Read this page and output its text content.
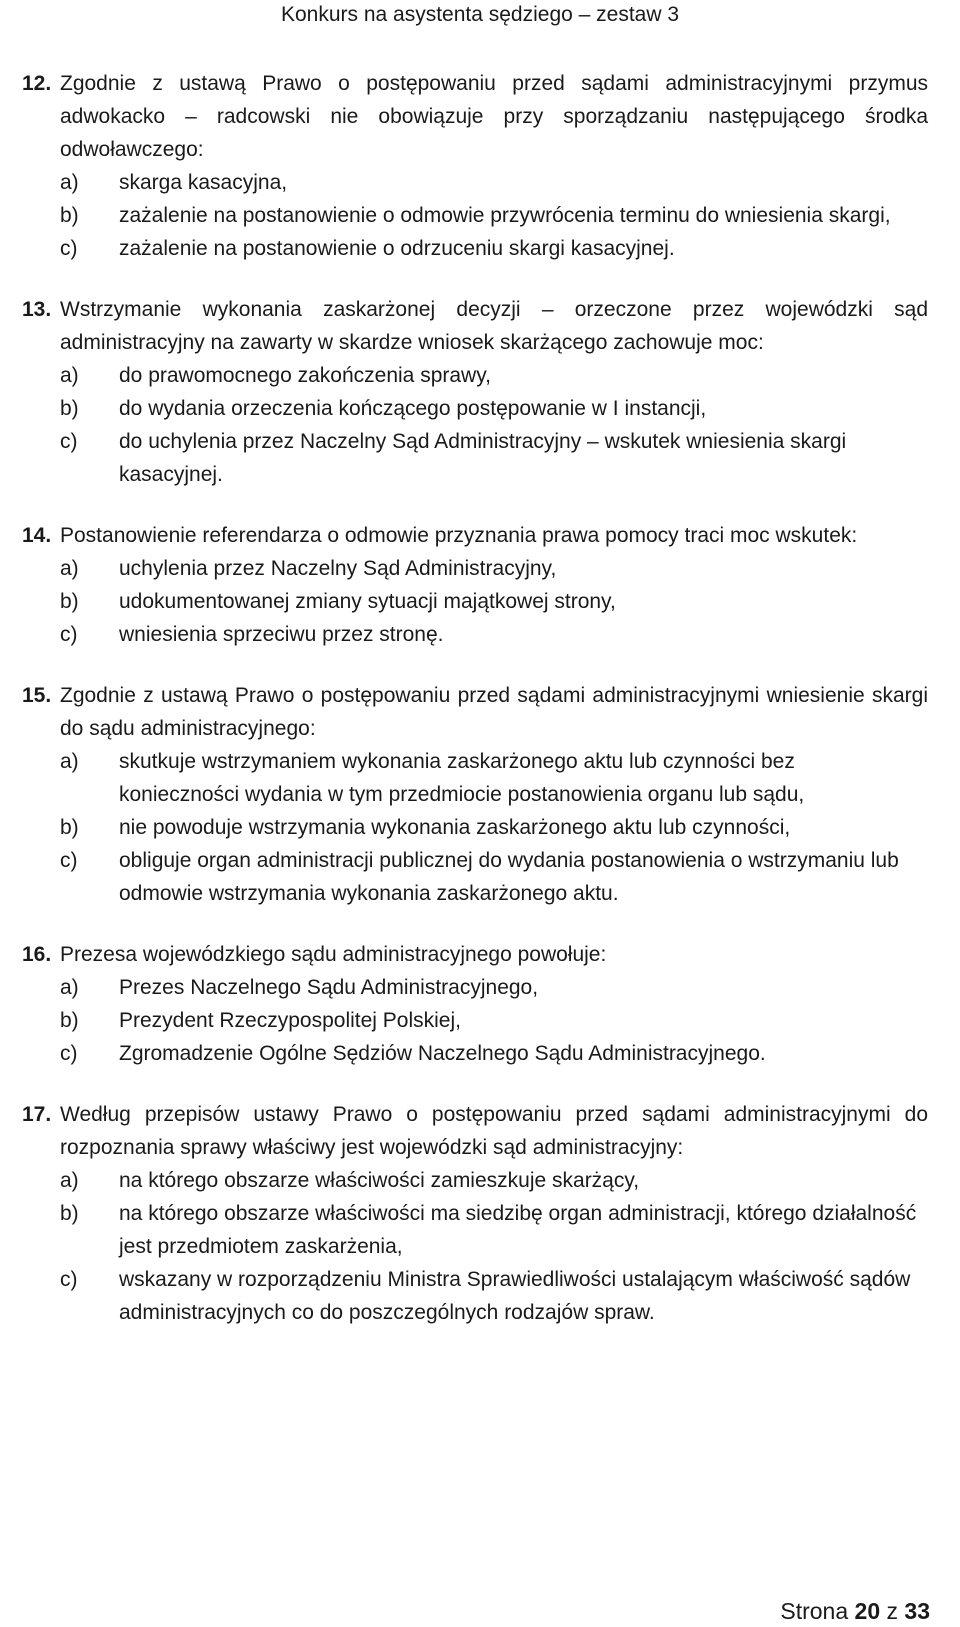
Konkurs na asystenta sędziego – zestaw 3
12. Zgodnie z ustawą Prawo o postępowaniu przed sądami administracyjnymi przymus adwokacko – radcowski nie obowiązuje przy sporządzaniu następującego środka odwoławczego:
a)	skarga kasacyjna,
b)	zażalenie na postanowienie o odmowie przywrócenia terminu do wniesienia skargi,
c)	zażalenie na postanowienie o odrzuceniu skargi kasacyjnej.
13. Wstrzymanie wykonania zaskarżonej decyzji – orzeczone przez wojewódzki sąd administracyjny na zawarty w skardze wniosek skarżącego zachowuje moc:
a)	do prawomocnego zakończenia sprawy,
b)	do wydania orzeczenia kończącego postępowanie w I instancji,
c)	do uchylenia przez Naczelny Sąd Administracyjny – wskutek wniesienia skargi kasacyjnej.
14. Postanowienie referendarza o odmowie przyznania prawa pomocy traci moc wskutek:
a)	uchylenia przez Naczelny Sąd Administracyjny,
b)	udokumentowanej zmiany sytuacji majątkowej strony,
c)	wniesienia sprzeciwu przez stronę.
15. Zgodnie z ustawą Prawo o postępowaniu przed sądami administracyjnymi wniesienie skargi do sądu administracyjnego:
a)	skutkuje wstrzymaniem wykonania zaskarżonego aktu lub czynności bez konieczności wydania w tym przedmiocie postanowienia organu lub sądu,
b)	nie powoduje wstrzymania wykonania zaskarżonego aktu lub czynności,
c)	obliguje organ administracji publicznej do wydania postanowienia o wstrzymaniu lub odmowie wstrzymania wykonania zaskarżonego aktu.
16. Prezesa wojewódzkiego sądu administracyjnego powołuje:
a)	Prezes Naczelnego Sądu Administracyjnego,
b)	Prezydent Rzeczypospolitej Polskiej,
c)	Zgromadzenie Ogólne Sędziów Naczelnego Sądu Administracyjnego.
17. Według przepisów ustawy Prawo o postępowaniu przed sądami administracyjnymi do rozpoznania sprawy właściwy jest wojewódzki sąd administracyjny:
a)	na którego obszarze właściwości zamieszkuje skarżący,
b)	na którego obszarze właściwości ma siedzibę organ administracji, którego działalność jest przedmiotem zaskarżenia,
c)	wskazany w rozporządzeniu Ministra Sprawiedliwości ustalającym właściwość sądów administracyjnych co do poszczególnych rodzajów spraw.
Strona 20 z 33
